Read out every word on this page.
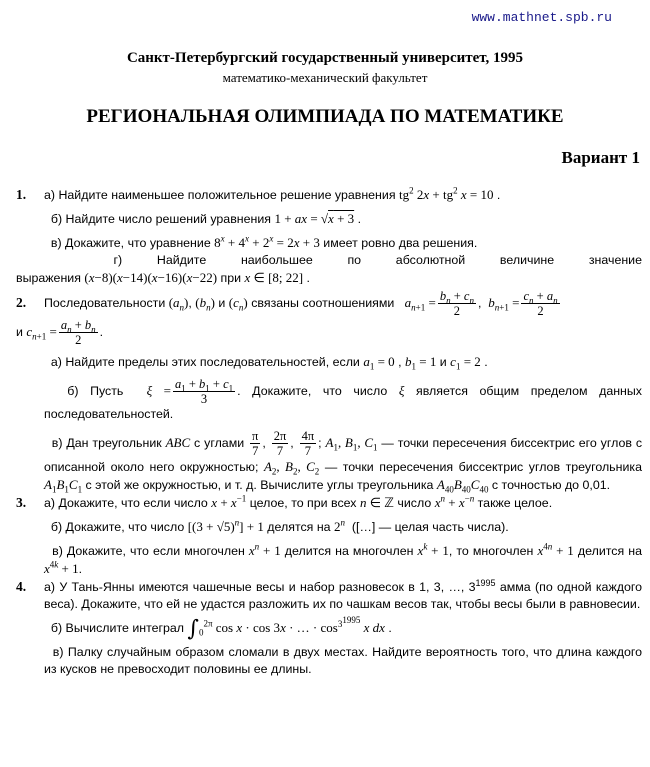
www.mathnet.spb.ru
Санкт-Петербургский государственный университет, 1995
математико-механический факультет
РЕГИОНАЛЬНАЯ ОЛИМПИАДА ПО МАТЕМАТИКЕ
Вариант 1
1. а) Найдите наименьшее положительное решение уравнения $tg^2$ $2x + tg^2$ x = 10 .
б) Найдите число решений уравнения 1 + ax = √x + 3 .
в) Докажите, что уравнение $8^x + 4^x + 2^x = 2x + 3$ имеет ровно два решения.
г) Найдите наибольшее по абсолютной величине значение
выражения (x−8)(x−14)(x−16)(x−22) при x ∈ [8; 22] .
2. Последовательности $(a_n)$, $(b_n)$ и $(c_n)$ связаны соотношениями $a_{n+1} = \frac{b_n + c_n}{2}$ ,  $b_{n+1} = \frac{c_n + a_n}{2}$
и $c_{n+1} = \frac{a_n + b_n}{2}$ .
а) Найдите пределы этих последовательностей, если $a_1 = 0$ , $b_1 = 1$ и $c_1 = 2$ .
б) Пусть $\xi = \frac{a_1 + b_1 + c_1}{3}$ . Докажите, что число ξ является общим пределом данных последовательностей.
в) Дан треугольник ABC с углами $\frac{\pi}{7}$ , $\frac{2\pi}{7}$ , $\frac{4\pi}{7}$ ; $A_1$, $B_1$, $C_1$ — точки пересечения биссектрис его углов с описанной около него окружностью; $A_2$, $B_2$, $C_2$ — точки пересечения биссектрис углов треугольника $A_1B_1C_1$ с этой же окружностью, и т. д. Вычислите углы треугольника $A_{40}B_{40}C_{40}$ с точностью до 0,01.
3. а) Докажите, что если число $x + x^{-1}$ целое, то при всех n ∈ ℤ число $x^n + x^{-n}$ также целое.
б) Докажите, что число $[(3 + √5)^n] + 1$ делятся на 2$^n$ ([…] — целая часть числа).
в) Докажите, что если многочлен $x^n + 1$ делится на многочлен $x^k + 1$, то многочлен $x^{4n} + 1$ делится на $x^{4k} + 1$.
4. а) У Тань-Янны имеются чашечные весы и набор разновесок в 1, 3, …, $3^{1995}$ амма (по одной каждого веса). Докажите, что ей не удастся разложить их по чашкам весов так, чтобы весы были в равновесии.
б) Вычислите интеграл $\int_0^{2\pi}$ cos x · cos 3x · … · $\cos^{3^{1995}} x$ dx .
в) Палку случайным образом сломали в двух местах. Найдите вероятность того, что длина каждого из кусков не превосходит половины ее длины.
